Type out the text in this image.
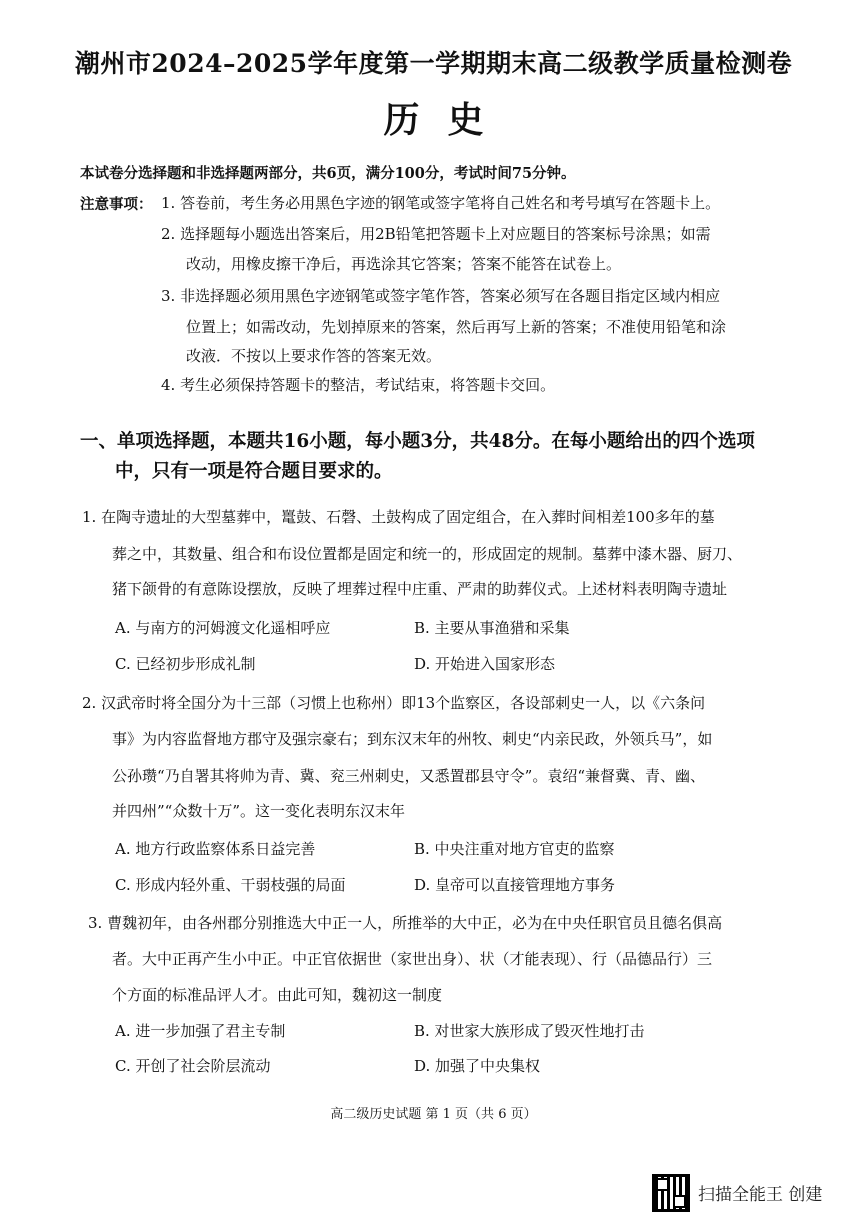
潮州市2024–2025学年度第一学期期末高二级教学质量检测卷
历史
本试卷分选择题和非选择题两部分，共6页，满分100分，考试时间75分钟。
注意事项： 1. 答卷前，考生务必用黑色字迹的钢笔或签字笔将自己姓名和考号填写在答题卡上。
2. 选择题每小题选出答案后，用2B铅笔把答题卡上对应题目的答案标号涂黑；如需
改动，用橡皮擦干净后，再选涂其它答案；答案不能答在试卷上。
3. 非选择题必须用黑色字迹钢笔或签字笔作答，答案必须写在各题目指定区域内相应
位置上；如需改动，先划掉原来的答案，然后再写上新的答案；不准使用铅笔和涂
改液．不按以上要求作答的答案无效。
4. 考生必须保持答题卡的整洁，考试结束，将答题卡交回。
一、单项选择题，本题共16小题，每小题3分，共48分。在每小题给出的四个选项
中，只有一项是符合题目要求的。
1. 在陶寺遗址的大型墓葬中，鼍鼓、石磬、土鼓构成了固定组合，在入葬时间相差100多年的墓
葬之中，其数量、组合和布设位置都是固定和统一的，形成固定的规制。墓葬中漆木器、厨刀、
猪下颌骨的有意陈设摆放，反映了埋葬过程中庄重、严肃的助葬仪式。上述材料表明陶寺遗址
A. 与南方的河姆渡文化遥相呼应	B. 主要从事渔猎和采集
C. 已经初步形成礼制	D. 开始进入国家形态
2. 汉武帝时将全国分为十三部（习惯上也称州）即13个监察区，各设部刺史一人，以《六条问
事》为内容监督地方郡守及强宗豪右；到东汉末年的州牧、刺史“内亲民政，外领兵马”，如
公孙瓒“乃自署其将帅为青、冀、兖三州刺史，又悉置郡县守令”。袁绍“兼督冀、青、幽、
并四州”“众数十万”。这一变化表明东汉末年
A. 地方行政监察体系日益完善	B. 中央注重对地方官吏的监察
C. 形成内轻外重、干弱枝强的局面	D. 皇帝可以直接管理地方事务
3. 曹魏初年，由各州郡分别推选大中正一人，所推举的大中正，必为在中央任职官员且德名俱高
者。大中正再产生小中正。中正官依据世（家世出身）、状（才能表现）、行（品德品行）三
个方面的标准品评人才。由此可知，魏初这一制度
A. 进一步加强了君主专制	B. 对世家大族形成了毁灭性地打击
C. 开创了社会阶层流动	D. 加强了中央集权
高二级历史试题 第 1 页（共 6 页）
扫描全能王 创建
